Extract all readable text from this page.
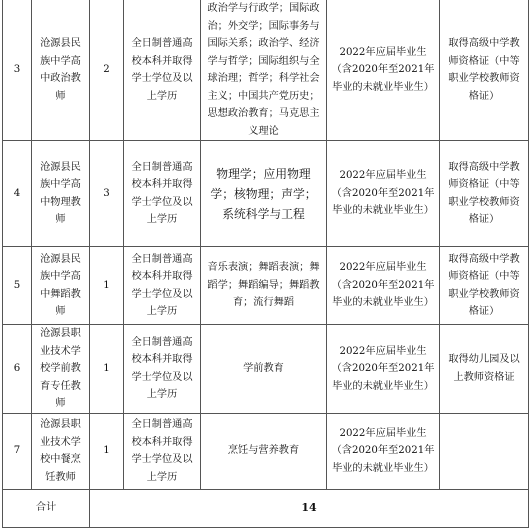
3	沧源县民族中学高中政治教师	2	全日制普通高校本科并取得学士学位及以上学历	政治学与行政学；国际政治；外交学；国际事务与国际关系；政治学、经济学与哲学；国际组织与全球治理；哲学；科学社会主义；中国共产党历史；思想政治教育；马克思主义理论	2022年应届毕业生（含2020年至2021年毕业的未就业毕业生）	取得高级中学教师资格证（中等职业学校教师资格证）
4	沧源县民族中学高中物理教师	3	全日制普通高校本科并取得学士学位及以上学历	物理学；应用物理学；核物理；声学；系统科学与工程	2022年应届毕业生（含2020年至2021年毕业的未就业毕业生）	取得高级中学教师资格证（中等职业学校教师资格证）
5	沧源县民族中学高中舞蹈教师	1	全日制普通高校本科并取得学士学位及以上学历	音乐表演；舞蹈表演；舞蹈学；舞蹈编导；舞蹈教育；流行舞蹈	2022年应届毕业生（含2020年至2021年毕业的未就业毕业生）	取得高级中学教师资格证（中等职业学校教师资格证）
6	沧源县职业技术学校学前教育专任教师	1	全日制普通高校本科并取得学士学位及以上学历	学前教育	2022年应届毕业生（含2020年至2021年毕业的未就业毕业生）	取得幼儿园及以上教师资格证
7	沧源县职业技术学校中餐烹饪教师	1	全日制普通高校本科并取得学士学位及以上学历	烹饪与营养教育	2022年应届毕业生（含2020年至2021年毕业的未就业毕业生）	
合计		14				
